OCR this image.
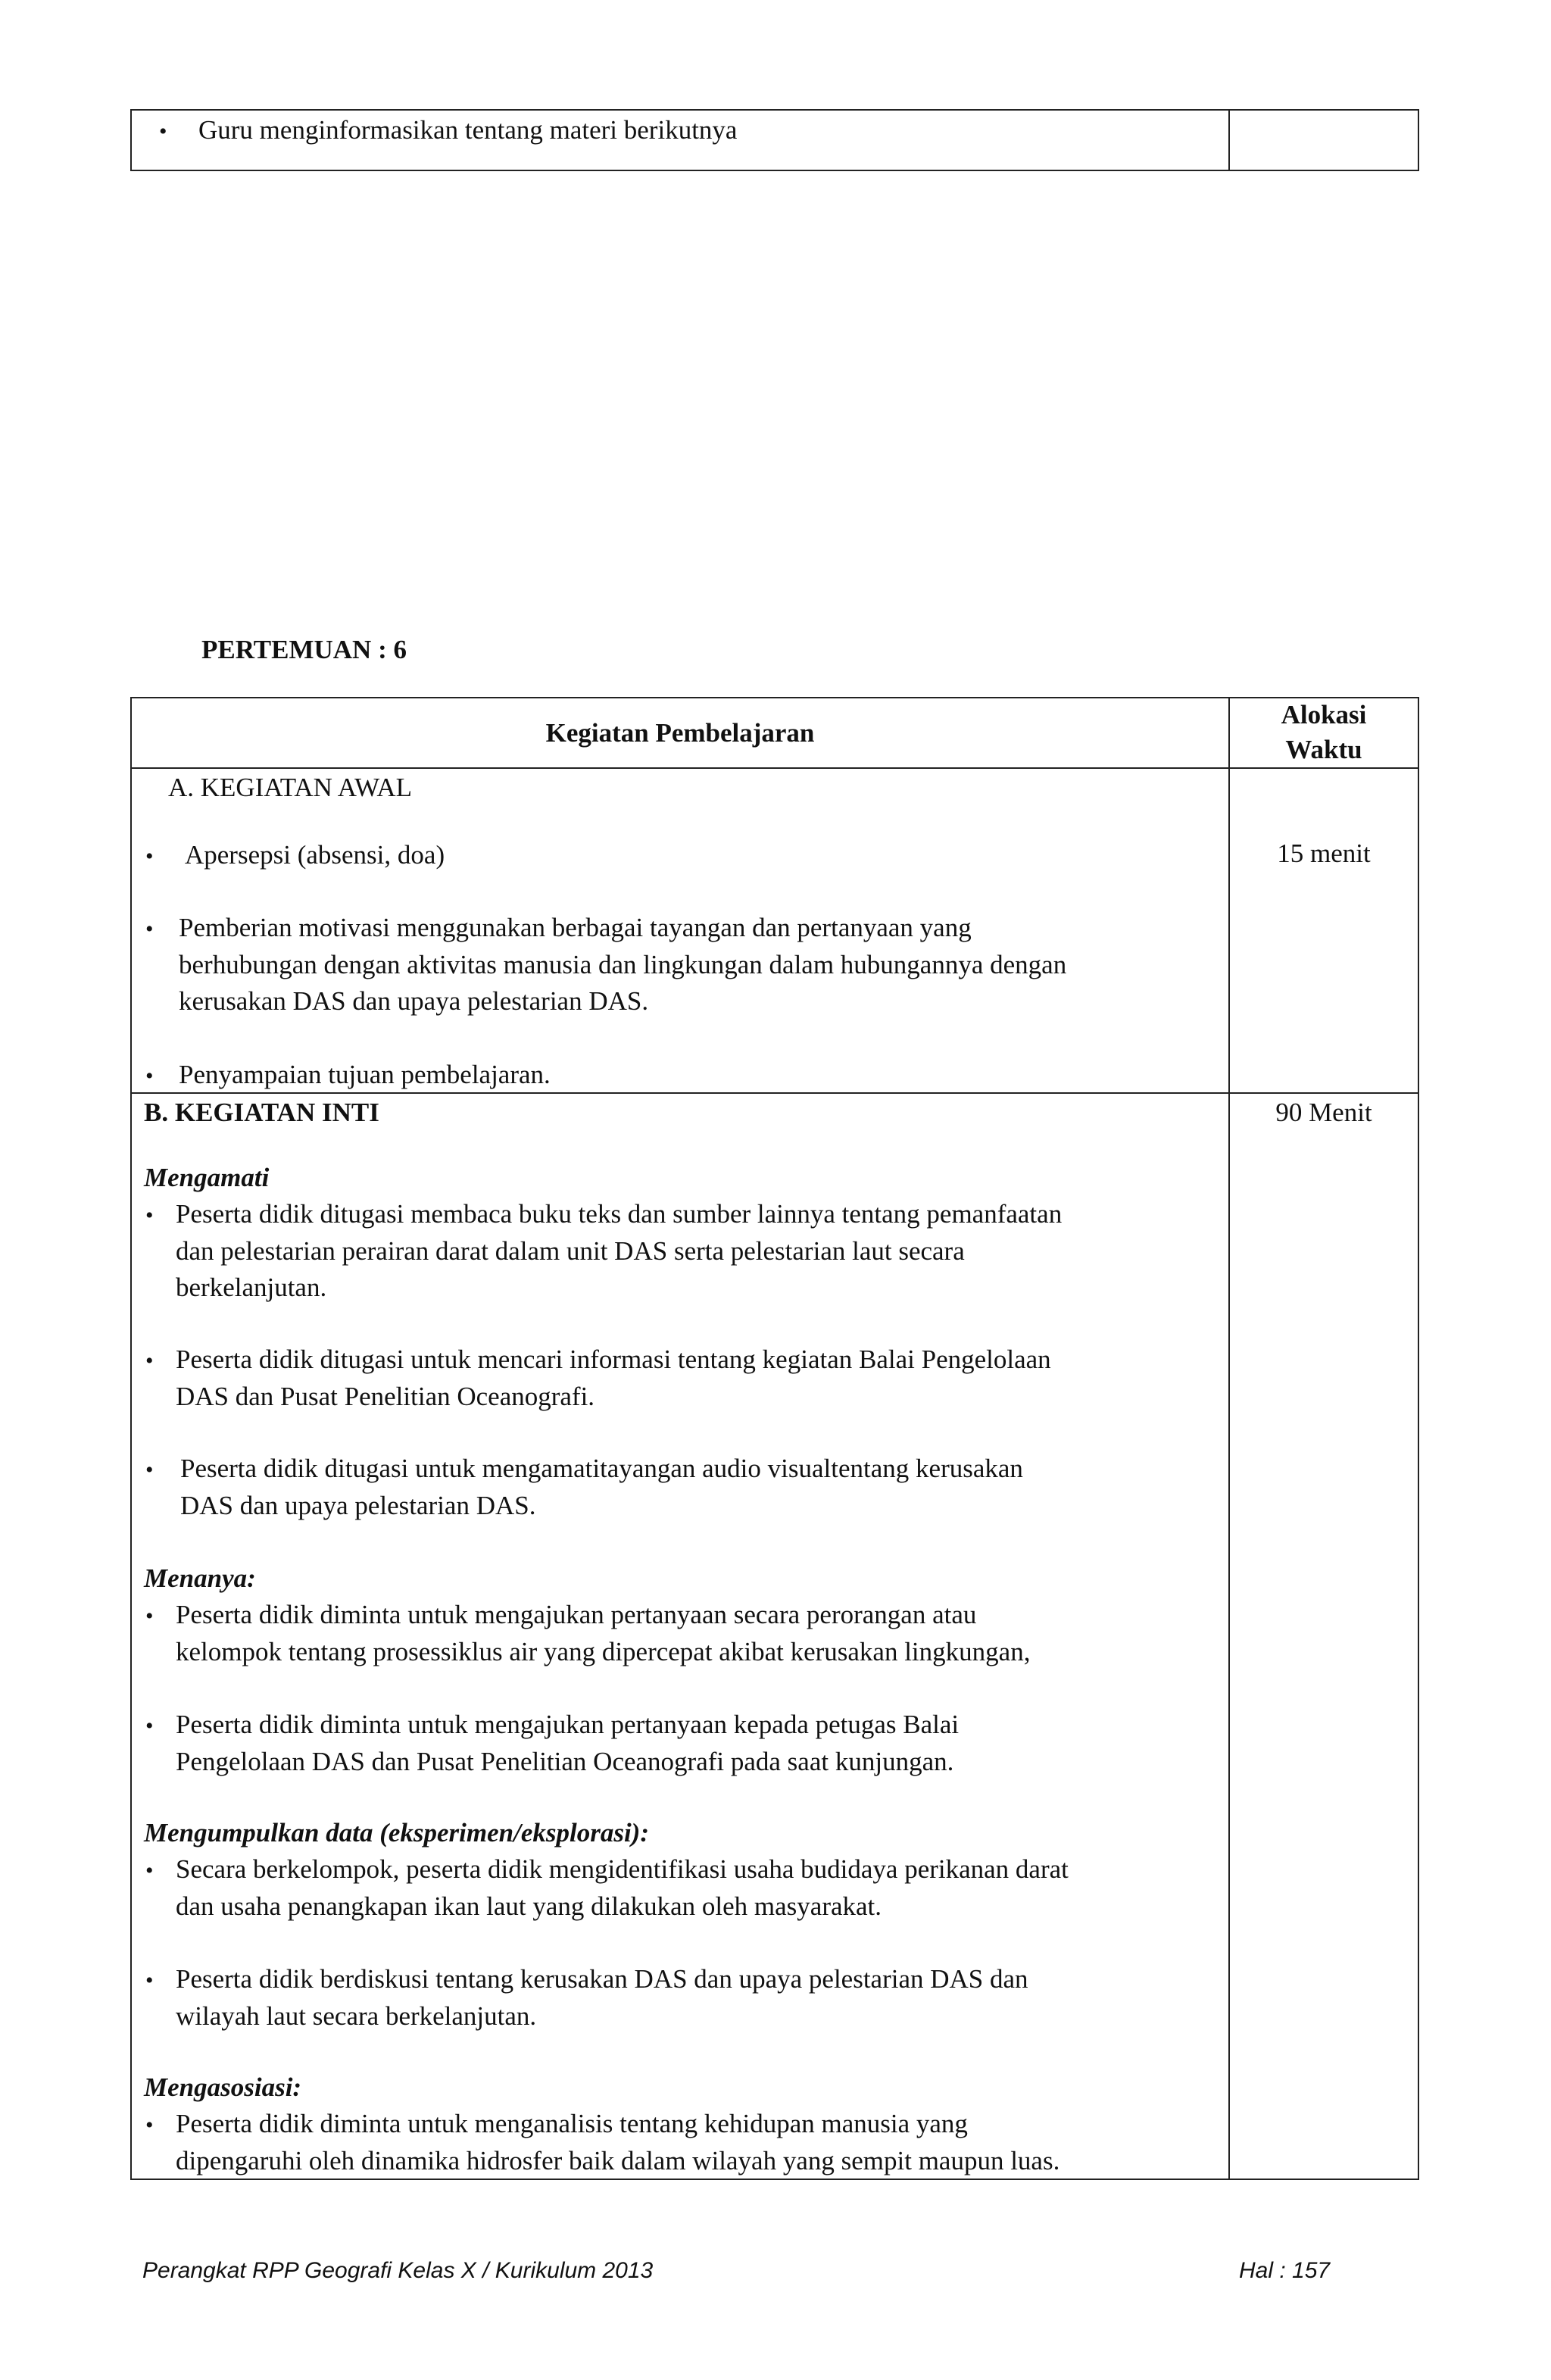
• Guru menginformasikan tentang materi berikutnya
PERTEMUAN : 6
Kegiatan Pembelajaran
Alokasi
Waktu
A. KEGIATAN AWAL
15 menit
• Apersepsi (absensi, doa)
• Pemberian motivasi menggunakan berbagai tayangan dan pertanyaan yang
berhubungan dengan aktivitas manusia dan lingkungan dalam hubungannya dengan
kerusakan DAS dan upaya pelestarian DAS.
• Penyampaian tujuan pembelajaran.
B. KEGIATAN INTI	90 Menit
Mengamati
• Peserta didik ditugasi membaca buku teks dan sumber lainnya tentang pemanfaatan
dan pelestarian perairan darat dalam unit DAS serta pelestarian laut secara
berkelanjutan.
• Peserta didik ditugasi untuk mencari informasi tentang kegiatan Balai Pengelolaan
DAS dan Pusat Penelitian Oceanografi.
• Peserta didik ditugasi untuk mengamatitayangan audio visualtentang kerusakan
DAS dan upaya pelestarian DAS.
Menanya:
• Peserta didik diminta untuk mengajukan pertanyaan secara perorangan atau
kelompok tentang prosessiklus air yang dipercepat akibat kerusakan lingkungan,
• Peserta didik diminta untuk mengajukan pertanyaan kepada petugas Balai
Pengelolaan DAS dan Pusat Penelitian Oceanografi pada saat kunjungan.
Mengumpulkan data (eksperimen/eksplorasi):
• Secara berkelompok, peserta didik mengidentifikasi usaha budidaya perikanan darat
dan usaha penangkapan ikan laut yang dilakukan oleh masyarakat.
• Peserta didik berdiskusi tentang kerusakan DAS dan upaya pelestarian DAS dan
wilayah laut secara berkelanjutan.
Mengasosiasi:
• Peserta didik diminta untuk menganalisis tentang kehidupan manusia yang
dipengaruhi oleh dinamika hidrosfer baik dalam wilayah yang sempit maupun luas.
Perangkat RPP Geografi Kelas X / Kurikulum 2013	Hal : 157
